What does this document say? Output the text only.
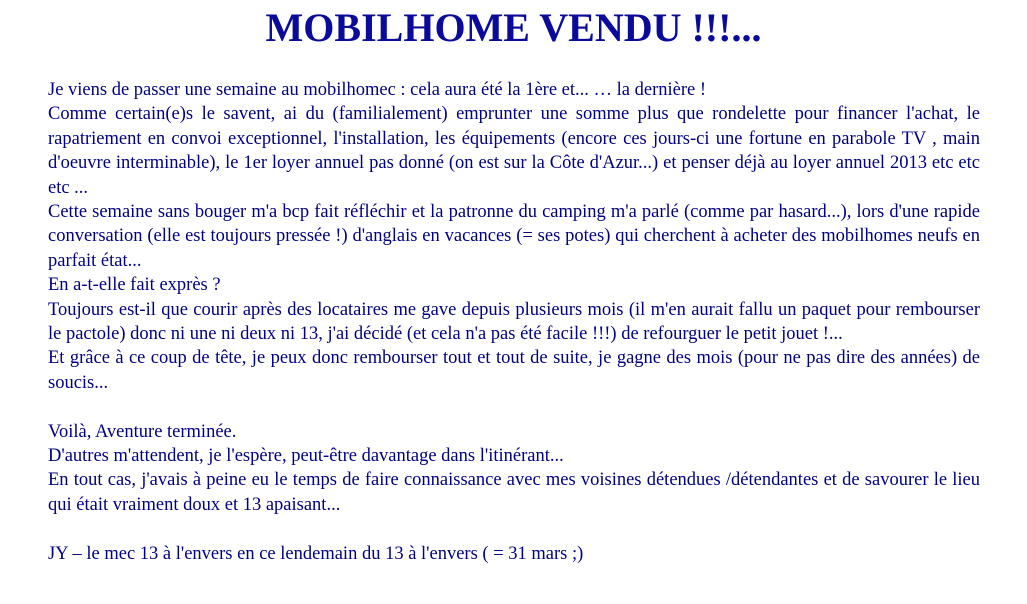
MOBILHOME VENDU !!!...

Je viens de passer une semaine au mobilhomec : cela aura été la 1ère et... … la dernière !

Comme certain(e)s le savent, ai du (familialement) emprunter une somme plus que rondelette pour financer l'achat, le rapatriement en convoi exceptionnel, l'installation, les équipements (encore ces jours-ci une fortune en parabole TV , main d'oeuvre interminable), le 1er loyer annuel pas donné (on est sur la Côte d'Azur...) et penser déjà au loyer annuel 2013 etc etc etc ...

Cette semaine sans bouger m'a bcp fait réfléchir et la patronne du camping m'a parlé (comme par hasard...), lors d'une rapide conversation (elle est toujours pressée !) d'anglais en vacances (= ses potes) qui cherchent à acheter des mobilhomes neufs en parfait état...

En a-t-elle fait exprès ?

Toujours est-il que courir après des locataires me gave depuis plusieurs mois (il m'en aurait fallu un paquet pour rembourser le pactole) donc ni une ni deux ni 13, j'ai décidé (et cela n'a pas été facile !!!) de refourguer le petit jouet !...

Et grâce à ce coup de tête, je peux donc rembourser tout et tout de suite, je gagne des mois (pour ne pas dire des années) de soucis...

Voilà, Aventure terminée.

D'autres m'attendent, je l'espère, peut-être davantage dans l'itinérant...

En tout cas, j'avais à peine eu le temps de faire connaissance avec mes voisines détendues /détendantes et de savourer le lieu qui était vraiment doux et 13 apaisant...

JY – le mec 13 à l'envers en ce lendemain du 13 à l'envers ( = 31 mars ;)
